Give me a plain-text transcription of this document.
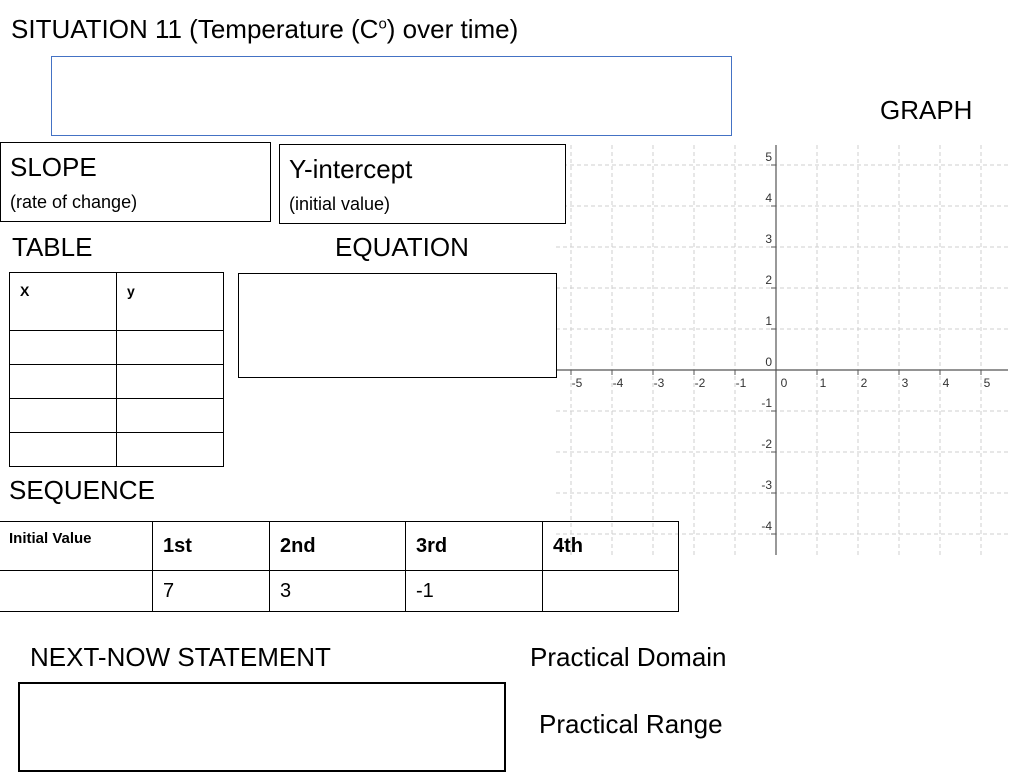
SITUATION 11 (Temperature $(C^o)$ over time)
GRAPH
-5	-4	-3	-2	-1	0	1	2	3	4	5
5
4
3
2
1
0
-1
-2
-3
-4
SLOPE
(rate of change)
Y-intercept
(initial value)
TABLE
X	y

EQUATION
SEQUENCE
Initial Value	1st	2nd	3rd	4th
	7	3	-1	
NEXT-NOW STATEMENT	Practical Domain
Practical Range
